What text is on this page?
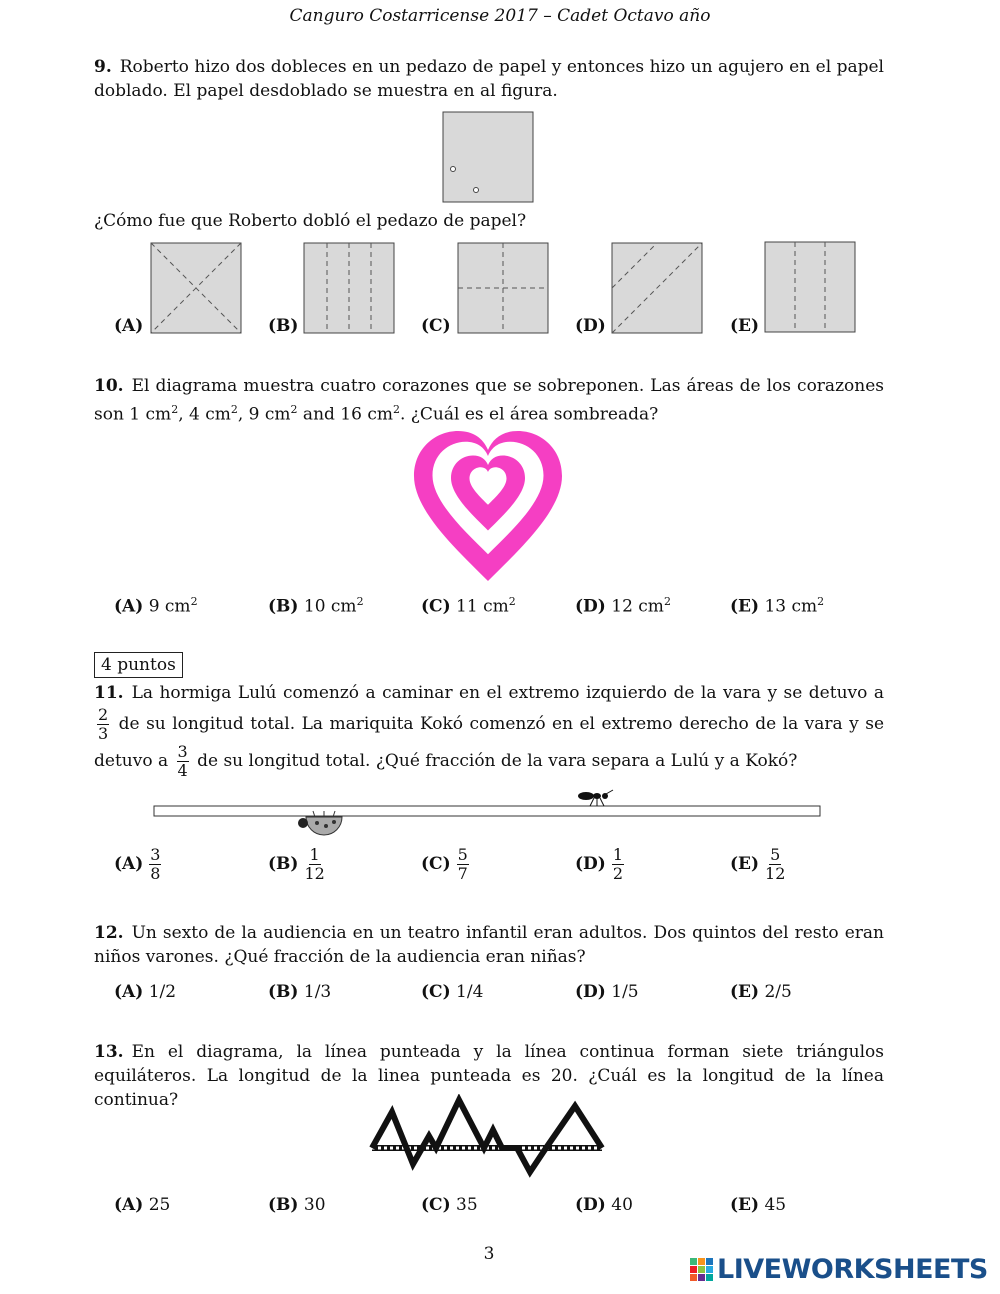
Canguro Costarricense 2017 – Cadet Octavo año
9. Roberto hizo dos dobleces en un pedazo de papel y entonces hizo un agujero en el papel doblado. El papel desdoblado se muestra en al figura.
¿Cómo fue que Roberto dobló el pedazo de papel?
(A)	(B)	(C)	(D)	(E)
10. El diagrama muestra cuatro corazones que se sobreponen. Las áreas de los corazones son 1 $cm^2$, 4 $cm^2$, 9 $cm^2$ and 16 $cm^2$. ¿Cuál es el área sombreada?
(A) 9 $cm^2$	(B) 10 $cm^2$	(C) 11 $cm^2$	(D) 12 $cm^2$	(E) 13 $cm^2$
4 puntos
11. La hormiga Lulú comenzó a caminar en el extremo izquierdo de la vara y se detuvo a
$\frac{2}{3}$ de su longitud total. La mariquita Kokó comenzó en el extremo derecho de la vara y se detuvo a $\frac{3}{4}$ de su longitud total. ¿Qué fracción de la vara separa a Lulú y a Kokó?
$(A) \frac{3}{8}$	$(B) \frac{1}{12}$	$(C) \frac{5}{7}$	$(D) \frac{1}{2}$	$(E) \frac{5}{12}$
12. Un sexto de la audiencia en un teatro infantil eran adultos. Dos quintos del resto eran niños varones. ¿Qué fracción de la audiencia eran niñas?
(A) 1/2	(B) 1/3	(C) 1/4	(D) 1/5	(E) 2/5
13. En el diagrama, la línea punteada y la línea continua forman siete triángulos equiláteros. La longitud de la linea punteada es 20. ¿Cuál es la longitud de la línea continua?
(A) 25	(B) 30	(C) 35	(D) 40	(E) 45
3	LIVEWORKSHEETS
